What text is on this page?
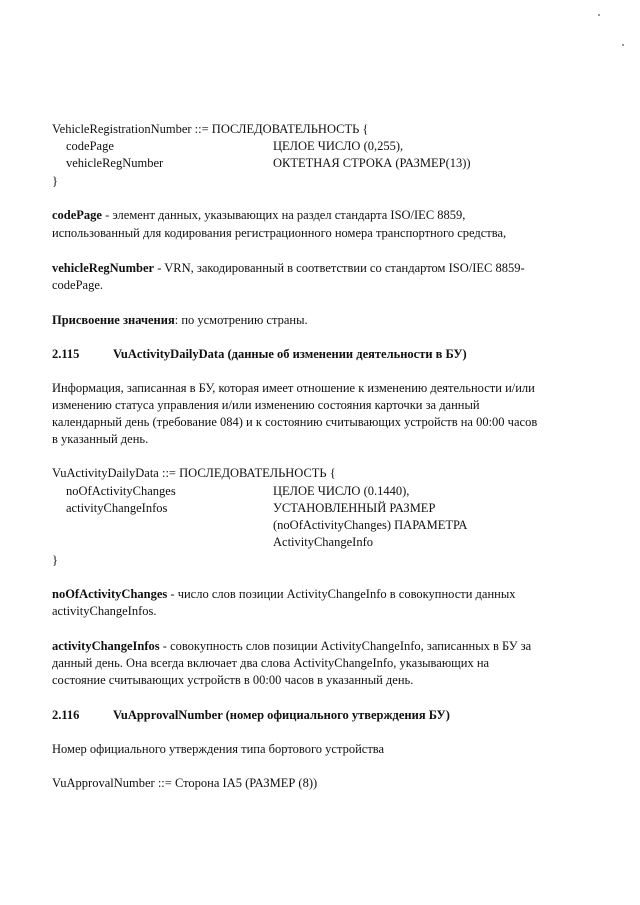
VehicleRegistrationNumber ::= ПОСЛЕДОВАТЕЛЬНОСТЬ {
codePage	ЦЕЛОЕ ЧИСЛО (0,255),
vehicleRegNumber	ОКТЕТНАЯ СТРОКА (РАЗМЕР(13))
}
codePage - элемент данных, указывающих на раздел стандарта ISO/IEC 8859,
использованный для кодирования регистрационного номера транспортного средства,
vehicleRegNumber - VRN, закодированный в соответствии со стандартом ISO/IEC 8859-
codePage.
Присвоение значения: по усмотрению страны.
2.115	VuActivityDailyData (данные об изменении деятельности в БУ)
Информация, записанная в БУ, которая имеет отношение к изменению деятельности и/или
изменению статуса управления и/или изменению состояния карточки за данный
календарный день (требование 084) и к состоянию считывающих устройств на 00:00 часов
в указанный день.
VuActivityDailyData ::= ПОСЛЕДОВАТЕЛЬНОСТЬ {
noOfActivityChanges	ЦЕЛОЕ ЧИСЛО (0.1440),
activityChangeInfos	УСТАНОВЛЕННЫЙ РАЗМЕР
(noOfActivityChanges) ПАРАМЕТРА
ActivityChangeInfo
}
noOfActivityChanges - число слов позиции ActivityChangeInfo в совокупности данных
activityChangeInfos.
activityChangeInfos - совокупность слов позиции ActivityChangeInfo, записанных в БУ за
данный день. Она всегда включает два слова ActivityChangeInfo, указывающих на
состояние считывающих устройств в 00:00 часов в указанный день.
2.116	VuApprovalNumber (номер официального утверждения БУ)
Номер официального утверждения типа бортового устройства
VuApprovalNumber ::= Сторона IA5 (РАЗМЕР (8))
